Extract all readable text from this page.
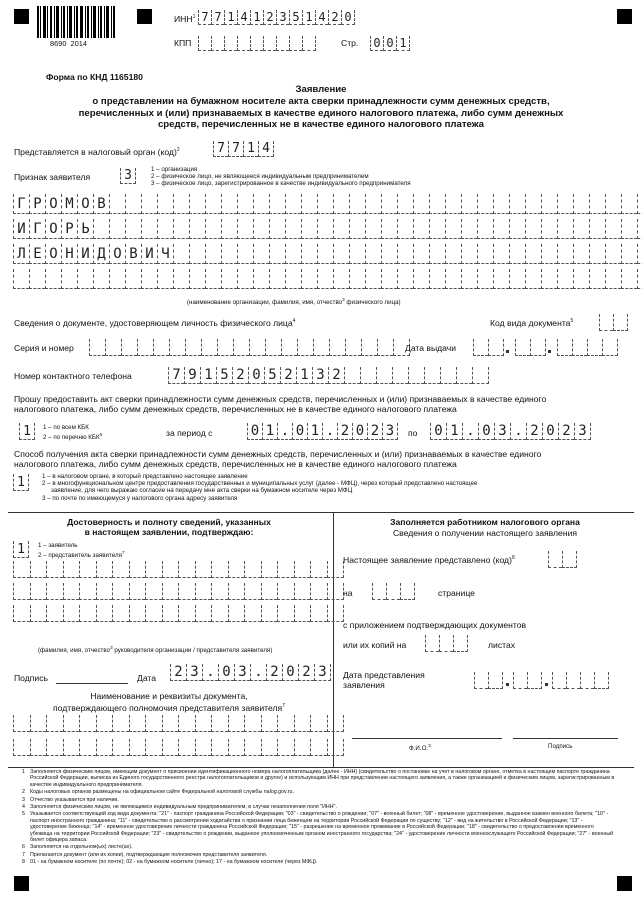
8690  2014
ИНН$^1$ 7 7 1 4 1 2 3 5 1 4 2 0
КПП	Стр. 0 0 1
Форма по КНД 1165180
Заявление
о представлении на бумажном носителе акта сверки принадлежности сумм денежных средств,
перечисленных и (или) признаваемых в качестве единого налогового платежа, либо сумм денежных
средств, перечисленных не в качестве единого налогового платежа
Представляется в налоговый орган (код)$^2$	7 7 1 4
Признак заявителя	3	1 – организация
2 – физическое лицо, не являющееся индивидуальным предпринимателем
3 – физическое лицо, зарегистрированное в качестве индивидуального предпринимателя
Г Р О М О В
И Г О Р Ь
Л Е О Н И Д О В И Ч
(наименование организации, фамилия, имя, отчество$^3$ физического лица)
Сведения о документе, удостоверяющем личность физического лица$^4$	Код вида документа$^5$
Серия и номер	Дата выдачи
Номер контактного телефона	7 9 1 5 2 0 5 2 1 3 2
Прошу предоставить акт сверки принадлежности сумм денежных средств, перечисленных и (или) признаваемых в качестве единого
налогового платежа, либо сумм денежных средств, перечисленных не в качестве единого налогового платежа
1	1 – по всем КБК
2 – по перечню КБК$^6$	за период с	0 1 . 0 1 . 2 0 2 3	по	0 1 . 0 3 . 2 0 2 3
Способ получения акта сверки принадлежности сумм денежных средств, перечисленных и (или) признаваемых в качестве единого
налогового платежа, либо сумм денежных средств, перечисленных не в качестве единого налогового платежа
1	1 – в налоговом органе, в который представлено настоящее заявление
2 – в многофункциональном центре предоставления государственных и муниципальных услуг (далее - МФЦ), через который представлено настоящее
заявление, для чего выражаю согласие на передачу мне акта сверки на бумажном носителе через МФЦ
3 – по почте по имеющемуся у налогового органа адресу заявителя
Достоверность и полноту сведений, указанных
в настоящем заявлении, подтверждаю:
1	1 – заявитель
2 – представитель заявителя$^7$
(фамилия, имя, отчество$^3$ руководителя организации / представителя заявителя)
Подпись	Дата	2 3 . 0 3 . 2 0 2 3
Наименование и реквизиты документа,
подтверждающего полномочия представителя заявителя$^7$
Заполняется работником налогового органа
Сведения о получении настоящего заявления
Настоящее заявление представлено (код)$^8$
на	странице
с приложением подтверждающих документов
или их копий на	листах
Дата представления
заявления
Ф.И.О.$^3$	Подпись
1 Заполняется физическим лицом, имеющим документ о присвоении идентификационного номера налогоплательщика (далее - ИНН) (свидетельство о постановке на учет в налоговом органе, отметка в настоящем паспорте гражданина Российской Федерации, выписка из Единого государственного реестра налогоплательщиков и другое) и использующим ИНН при представлении настоящего заявления, а также организацией и физическим лицом, зарегистрированным в качестве индивидуального предпринимателя.
2 Коды налоговых органов размещены на официальном сайте Федеральной налоговой службы nalog.gov.ru.
3 Отчество указывается при наличии.
4 Заполняется физическим лицом, не являющимся индивидуальным предпринимателем, в случае незаполнения поля "ИНН".
5 Указывается соответствующий код вида документа: "21" - паспорт гражданина Российской Федерации; "03" - свидетельство о рождении; "07" - военный билет; "08" - временное удостоверение, выданное взамен военного билета; "10" - паспорт иностранного гражданина; "11" - свидетельство о рассмотрении ходатайства о признании лица беженцем на территории Российской Федерации по существу; "12" - вид на жительство в Российской Федерации; "13" - удостоверение беженца; "14" - временное удостоверение личности гражданина Российской Федерации; "15" - разрешение на временное проживание в Российской Федерации; "18" - свидетельство о предоставлении временного убежища на территории Российской Федерации; "23" - свидетельство о рождении, выданное уполномоченным органом иностранного государства; "24" - удостоверение личности военнослужащего Российской Федерации; "27" - военный билет офицера запаса.
6 Заполняется на отдельном(ых) листе(ах).
7 Прилагаются документ (или их копии), подтверждающие полномочия представителя заявителя.
8 01 - на бумажном носителе (по почте); 02 - на бумажном носителе (лично); 17 - на бумажном носителе (через МФЦ).
